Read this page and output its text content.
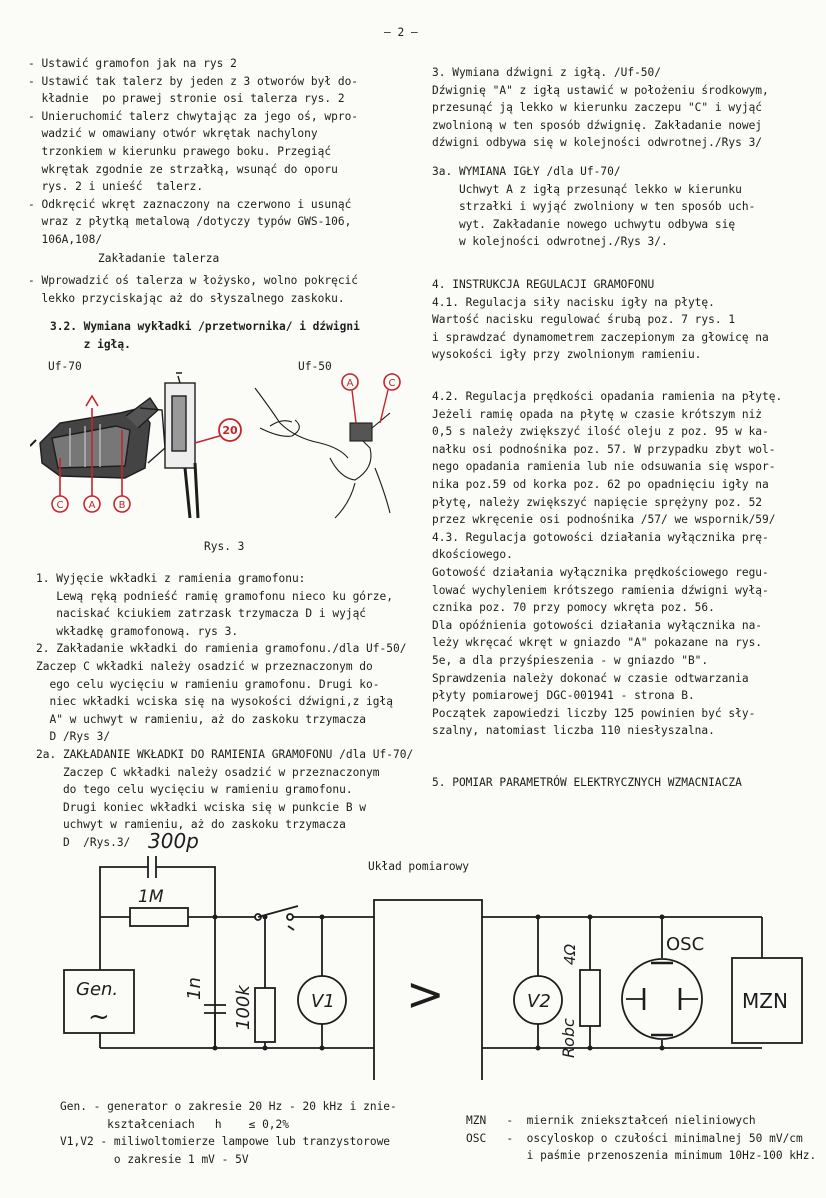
— 2 —
- Ustawić gramofon jak na rys 2
- Ustawić tak talerz by jeden z 3 otworów był do-
kładnie  po prawej stronie osi talerza rys. 2
- Unieruchomić talerz chwytając za jego oś, wpro-
wadzić w omawiany otwór wkrętak nachylony
trzonkiem w kierunku prawego boku. Przegiąć
wkrętak zgodnie ze strzałką, wsunąć do oporu
rys. 2 i unieść  talerz.
- Odkręcić wkręt zaznaczony na czerwono i usunąć
wraz z płytką metalową /dotyczy typów GWS-106,
106A,108/
Zakładanie talerza
- Wprowadzić oś talerza w łożysko, wolno pokręcić
lekko przyciskając aż do słyszalnego zaskoku.
3.2. Wymiana wykładki /przetwornika/ i dźwigni
z igłą.
Uf-70	Uf-50
Rys. 3
C	A B
20
A	C
1. Wyjęcie wkładki z ramienia gramofonu:
Lewą ręką podnieść ramię gramofonu nieco ku górze,
naciskać kciukiem zatrzask trzymacza D i wyjąć
wkładkę gramofonową. rys 3.
2. Zakładanie wkładki do ramienia gramofonu./dla Uf-50/
Zaczep C wkładki należy osadzić w przeznaczonym do
ego celu wycięciu w ramieniu gramofonu. Drugi ko-
niec wkładki wciska się na wysokości dźwigni,z igłą
A" w uchwyt w ramieniu, aż do zaskoku trzymacza
D /Rys 3/
2a. ZAKŁADANIE WKŁADKI DO RAMIENIA GRAMOFONU /dla Uf-70/
Zaczep C wkładki należy osadzić w przeznaczonym
do tego celu wycięciu w ramieniu gramofonu.
Drugi koniec wkładki wciska się w punkcie B w
uchwyt w ramieniu, aż do zaskoku trzymacza
D  /Rys.3/
3. Wymiana dźwigni z igłą. /Uf-50/
Dźwignię "A" z igłą ustawić w położeniu środkowym,
przesunąć ją lekko w kierunku zaczepu "C" i wyjąć
zwolnioną w ten sposób dźwignię. Zakładanie nowej
dźwigni odbywa się w kolejności odwrotnej./Rys 3/
3a. WYMIANA IGŁY /dla Uf-70/
Uchwyt A z igłą przesunąć lekko w kierunku
strzałki i wyjąć zwolniony w ten sposób uch-
wyt. Zakładanie nowego uchwytu odbywa się
w kolejności odwrotnej./Rys 3/.
4. INSTRUKCJA REGULACJI GRAMOFONU
4.1. Regulacja siły nacisku igły na płytę.
Wartość nacisku regulować śrubą poz. 7 rys. 1
i sprawdzać dynamometrem zaczepionym za głowicę na
wysokości igły przy zwolnionym ramieniu.
4.2. Regulacja prędkości opadania ramienia na płytę.
Jeżeli ramię opada na płytę w czasie krótszym niż
0,5 s należy zwiększyć ilość oleju z poz. 95 w ka-
nałku osi podnośnika poz. 57. W przypadku zbyt wol-
nego opadania ramienia lub nie odsuwania się wspor-
nika poz.59 od korka poz. 62 po opadnięciu igły na
płytę, należy zwiększyć napięcie sprężyny poz. 52
przez wkręcenie osi podnośnika /57/ we wspornik/59/
4.3. Regulacja gotowości działania wyłącznika prę-
dkościowego.
Gotowość działania wyłącznika prędkościowego regu-
lować wychyleniem krótszego ramienia dźwigni wyłą-
cznika poz. 70 przy pomocy wkręta poz. 56.
Dla opóźnienia gotowości działania wyłącznika na-
leży wkręcać wkręt w gniazdo "A" pokazane na rys.
5e, a dla przyśpieszenia - w gniazdo "B".
Sprawdzenia należy dokonać w czasie odtwarzania
płyty pomiarowej DGC-001941 - strona B.
Początek zapowiedzi liczby 125 powinien być sły-
szalny, natomiast liczba 110 niesłyszalna.
5. POMIAR PARAMETRÓW ELEKTRYCZNYCH WZMACNIACZA
Układ pomiarowy
300p
1M
Gen.
~
1n 100k	V1 >	V2
4Ω
Robc
OSC
MZN
Gen. - generator o zakresie 20 Hz - 20 kHz i znie-
kształceniach   h    ≤ 0,2%
V1,V2 - miliwoltomierze lampowe lub tranzystorowe
o zakresie 1 mV - 5V
MZN   -  miernik zniekształceń nieliniowych
OSC   -  oscyloskop o czułości minimalnej 50 mV/cm
i paśmie przenoszenia minimum 10Hz-100 kHz.
